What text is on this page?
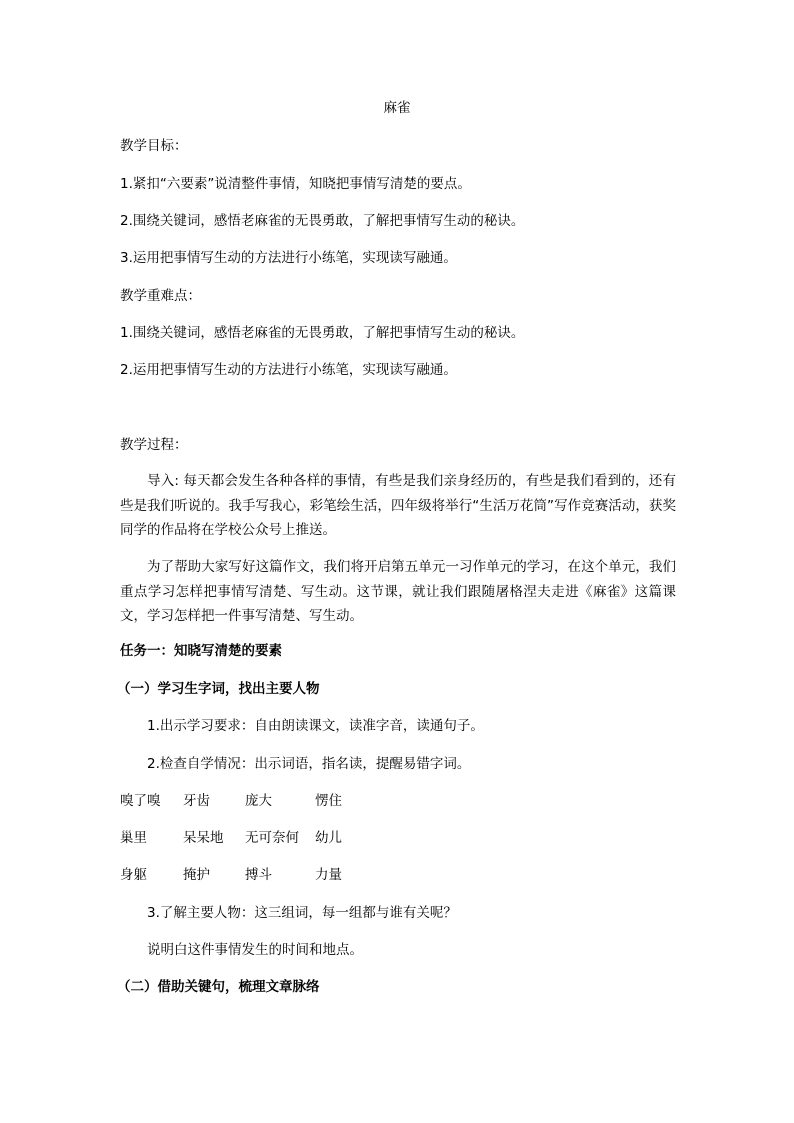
麻雀
教学目标：
1.紧扣“六要素”说清整件事情，知晓把事情写清楚的要点。
2.围绕关键词，感悟老麻雀的无畏勇敢，了解把事情写生动的秘诀。
3.运用把事情写生动的方法进行小练笔，实现读写融通。
教学重难点：
1.围绕关键词，感悟老麻雀的无畏勇敢，了解把事情写生动的秘诀。
2.运用把事情写生动的方法进行小练笔，实现读写融通。
教学过程：
导入: 每天都会发生各种各样的事情，有些是我们亲身经历的，有些是我们看到的，还有些是我们听说的。我手写我心，彩笔绘生活，四年级将举行“生活万花筒”写作竞赛活动，获奖同学的作品将在学校公众号上推送。
为了帮助大家写好这篇作文，我们将开启第五单元一习作单元的学习，在这个单元，我们重点学习怎样把事情写清楚、写生动。这节课，就让我们跟随屠格涅夫走进《麻雀》这篇课文，学习怎样把一件事写清楚、写生动。
任务一：知晓写清楚的要素
（一）学习生字词，找出主要人物
1.出示学习要求：自由朗读课文，读准字音，读通句子。
2.检查自学情况：出示词语，指名读，提醒易错字词。
嗅了嗅 牙齿	庞大	愣住
巢里	呆呆地 无可奈何 幼儿
身躯	掩护	搏斗	力量
3.了解主要人物：这三组词，每一组都与谁有关呢？
说明白这件事情发生的时间和地点。
（二）借助关键句，梳理文章脉络
